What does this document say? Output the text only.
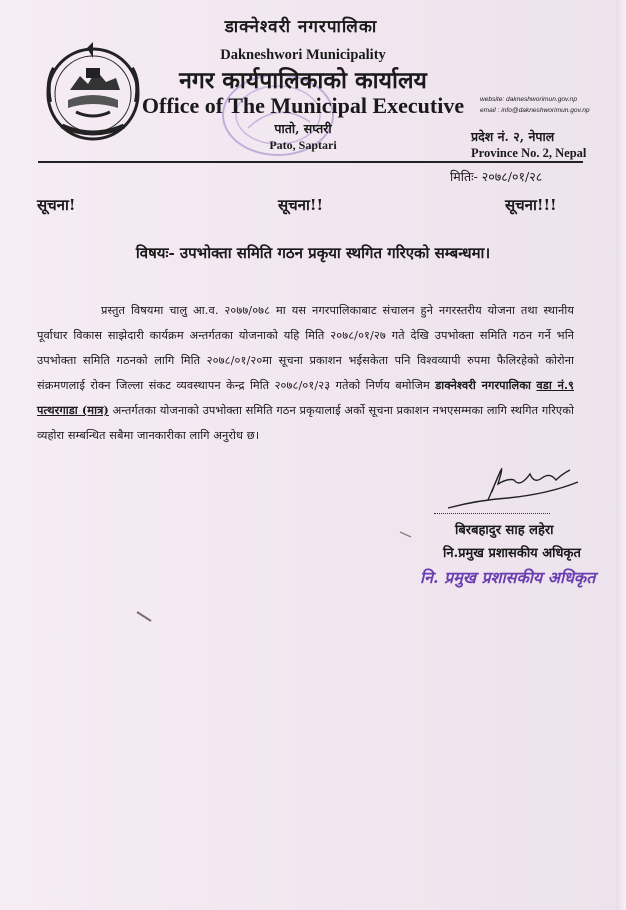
डाक्नेश्वरी नगरपालिका
Dakneshwori Municipality
नगर कार्यपालिकाको कार्यालय
Office of The Municipal Executive
पातो, सप्तरी
Pato, Saptari
website: dakneshworimun.gov.np
email : info@dakneshworimun.gov.np
प्रदेश नं. २, नेपाल
Province No. 2, Nepal
मितिः- २०७८/०१/२८
सूचना!	सूचना!!	सूचना!!!
विषयः- उपभोक्ता समिति गठन प्रकृया स्थगित गरिएको सम्बन्धमा।
प्रस्तुत विषयमा चालु आ.व. २०७७/०७८ मा यस नगरपालिकाबाट संचालन हुने नगरस्तरीय योजना तथा स्थानीय पूर्वाधार विकास साझेदारी कार्यक्रम अन्तर्गतका योजनाको यहि मिति २०७८/०१/२७ गते देखि उपभोक्ता समिति गठन गर्ने भनि उपभोक्ता समिति गठनको लागि मिति २०७८/०१/२०मा सूचना प्रकाशन भईसकेता पनि विश्वव्यापी रुपमा फैलिरहेको कोरोना संक्रमणलाई रोक्न जिल्ला संकट व्यवस्थापन केन्द्र मिति २०७८/०१/२३ गतेको निर्णय बमोजिम डाक्नेश्वरी नगरपालिका वडा नं.९ पत्थरगाडा (मात्र) अन्तर्गतका योजनाको उपभोक्ता समिति गठन प्रकृयालाई अर्को सूचना प्रकाशन नभएसम्मका लागि स्थगित गरिएको व्यहोरा सम्बन्धित सबैमा जानकारीका लागि अनुरोध छ।
बिरबहादुर साह लहेरा
नि.प्रमुख प्रशासकीय अधिकृत
नि. प्रमुख प्रशासकीय अधिकृत
